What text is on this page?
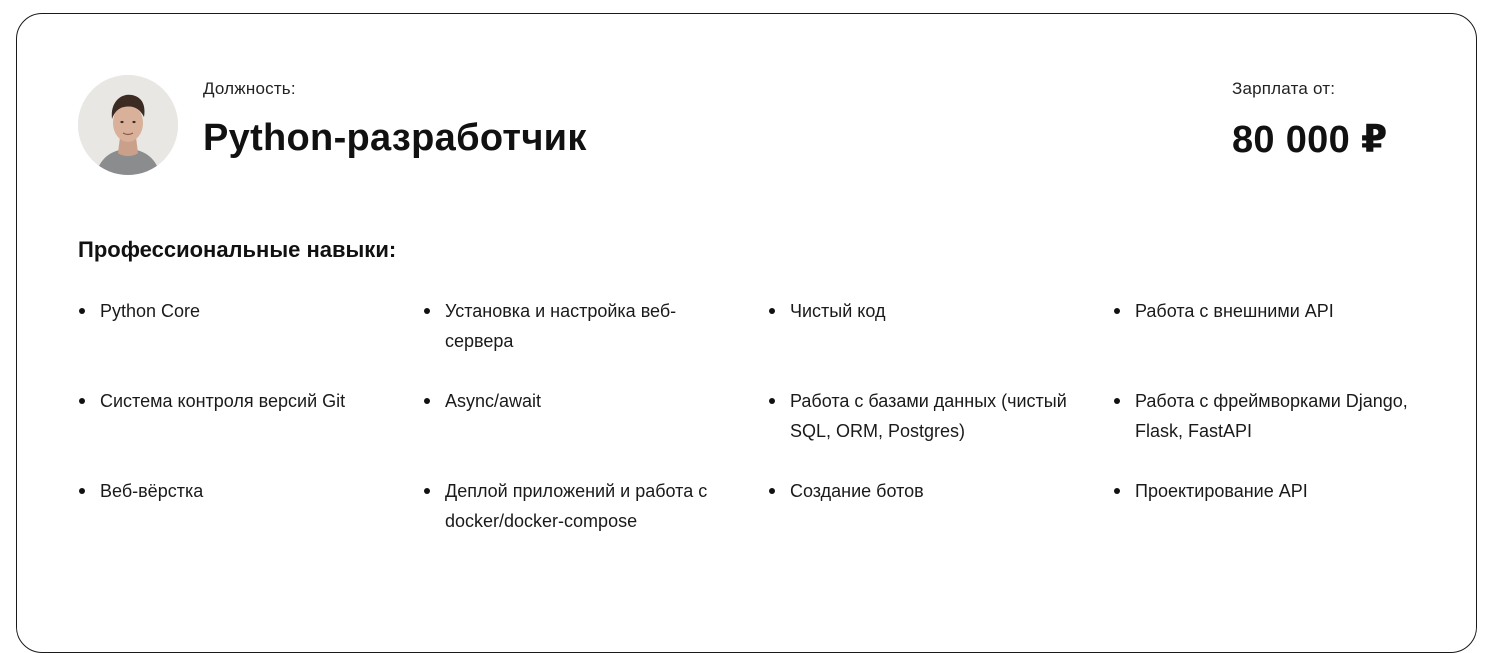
Должность:
Python-разработчик
Зарплата от:
80 000 ₽
Профессиональные навыки:
Python Core	Установка и настройка веб-сервера
Чистый код	Работа с внешними API
Система контроля версий Git	Async/await	Работа с базами данных (чистый SQL, ORM, Postgres)
Работа с фреймворками Django, Flask, FastAPI
Веб-вёрстка	Деплой приложений и работа с docker/docker-compose
Создание ботов	Проектирование API
